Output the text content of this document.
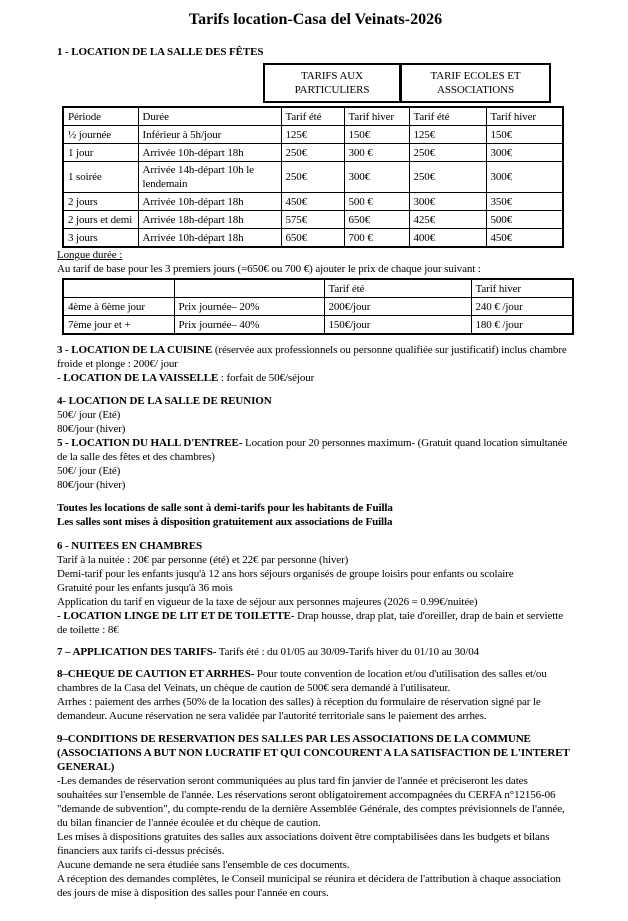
Tarifs location-Casa del Veinats-2026
1 - LOCATION DE LA SALLE DES FÊTES
TARIFS AUX PARTICULIERS
TARIF ECOLES ET ASSOCIATIONS
Période	Durée	Tarif été	Tarif hiver	Tarif été	Tarif hiver
½ journée	Inférieur à 5h/jour	125€	150€	125€	150€
1 jour	Arrivée 10h-départ 18h	250€	300 €	250€	300€
1 soirée	Arrivée 14h-départ 10h le lendemain	250€	300€	250€	300€
2 jours	Arrivée 10h-départ 18h	450€	500 €	300€	350€
2 jours et demi	Arrivée 18h-départ 18h	575€	650€	425€	500€
3 jours	Arrivée 10h-départ 18h	650€	700 €	400€	450€
Longue durée :
Au tarif de base pour les 3 premiers jours (=650€ ou 700 €) ajouter le prix de chaque jour suivant :
		Tarif été	Tarif hiver
4ème à 6ème jour	Prix journée– 20%	200€/jour	240 € /jour
7ème jour et +	Prix journée– 40%	150€/jour	180 € /jour

3 - LOCATION DE LA CUISINE (réservée aux professionnels ou personne qualifiée sur justificatif) inclus chambre froide et plonge : 200€/ jour

- LOCATION DE LA VAISSELLE : forfait de 50€/séjour

4- LOCATION DE LA SALLE DE REUNION
50€/ jour (Eté)
80€/jour (hiver)

5 - LOCATION DU HALL D'ENTREE- Location pour 20 personnes maximum- (Gratuit quand location simultanée de la salle des fêtes et des chambres)

50€/ jour (Eté)
80€/jour (hiver)
Toutes les locations de salle sont à demi-tarifs pour les habitants de Fuilla
Les salles sont mises à disposition gratuitement aux associations de Fuilla
6 - NUITEES EN CHAMBRES
Tarif à la nuitée : 20€ par personne (été) et 22€ par personne (hiver)
Demi-tarif pour les enfants jusqu'à 12 ans hors séjours organisés de groupe loisirs pour enfants ou scolaire
Gratuité pour les enfants jusqu'à 36 mois
Application du tarif en vigueur de la taxe de séjour aux personnes majeures (2026 = 0.99€/nuitée)

- LOCATION LINGE DE LIT ET DE TOILETTE- Drap housse, drap plat, taie d'oreiller, drap de bain et serviette de toilette : 8€

7 – APPLICATION DES TARIFS- Tarifs été : du 01/05 au 30/09-Tarifs hiver du 01/10 au 30/04

8–CHEQUE DE CAUTION ET ARRHES- Pour toute convention de location et/ou d'utilisation des salles et/ou chambres de la Casa del Veinats, un chèque de caution de 500€ sera demandé à l'utilisateur.

Arrhes : paiement des arrhes (50% de la location des salles) à réception du formulaire de réservation signé par le demandeur. Aucune réservation ne sera validée par l'autorité territoriale sans le paiement des arrhes.

9–CONDITIONS DE RESERVATION DES SALLES PAR LES ASSOCIATIONS DE LA COMMUNE (ASSOCIATIONS A BUT NON LUCRATIF ET QUI CONCOURENT A LA SATISFACTION DE L'INTERET GENERAL)

-Les demandes de réservation seront communiquées au plus tard fin janvier de l'année et préciseront les dates souhaitées sur l'ensemble de l'année. Les réservations seront obligatoirement accompagnées du CERFA n°12156-06 "demande de subvention", du compte-rendu de la dernière Assemblée Générale, des comptes prévisionnels de l'année, du bilan financier de l'année écoulée et du chèque de caution.

Les mises à dispositions gratuites des salles aux associations doivent être comptabilisées dans les budgets et bilans financiers aux tarifs ci-dessus précisés.

Aucune demande ne sera étudiée sans l'ensemble de ces documents.

A réception des demandes complètes, le Conseil municipal se réunira et décidera de l'attribution à chaque association des jours de mise à disposition des salles pour l'année en cours.
